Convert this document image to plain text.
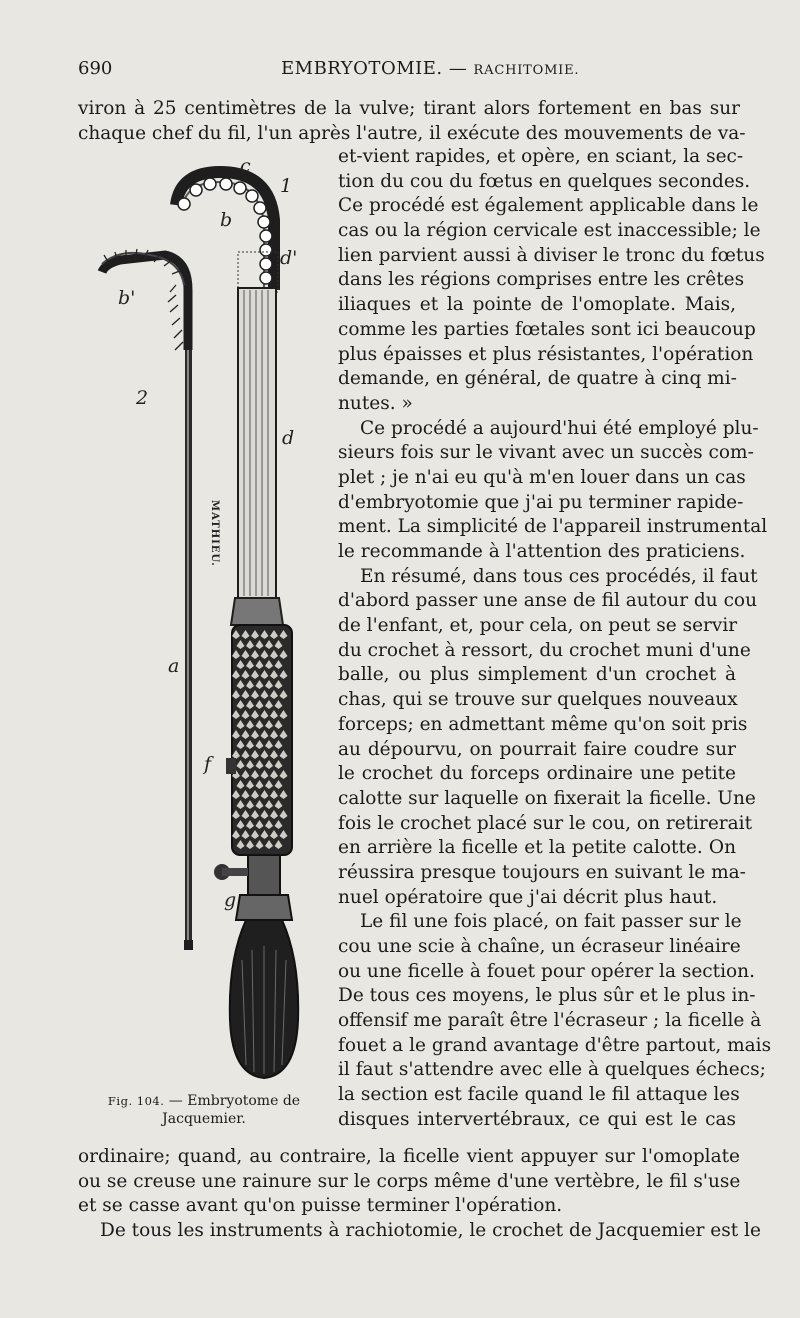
690	EMBRYOTOMIE. — RACHITOMIE.
viron à 25 centimètres de la vulve; tirant alors fortement en bas sur
chaque chef du fil, l'un après l'autre, il exécute des mouvements de va-
et-vient rapides, et opère, en sciant, la sec-
tion du cou du fœtus en quelques secondes.
Ce procédé est également applicable dans le
cas ou la région cervicale est inaccessible; le
lien parvient aussi à diviser le tronc du fœtus
dans les régions comprises entre les crêtes
iliaques et la pointe de l'omoplate. Mais,
comme les parties fœtales sont ici beaucoup
plus épaisses et plus résistantes, l'opération
demande, en général, de quatre à cinq mi-
nutes. »
Ce procédé a aujourd'hui été employé plu-
sieurs fois sur le vivant avec un succès com-
plet ; je n'ai eu qu'à m'en louer dans un cas
d'embryotomie que j'ai pu terminer rapide-
ment. La simplicité de l'appareil instrumental
le recommande à l'attention des praticiens.
En résumé, dans tous ces procédés, il faut
d'abord passer une anse de fil autour du cou
de l'enfant, et, pour cela, on peut se servir
du crochet à ressort, du crochet muni d'une
balle, ou plus simplement d'un crochet à
chas, qui se trouve sur quelques nouveaux
forceps; en admettant même qu'on soit pris
au dépourvu, on pourrait faire coudre sur
le crochet du forceps ordinaire une petite
calotte sur laquelle on fixerait la ficelle. Une
fois le crochet placé sur le cou, on retirerait
en arrière la ficelle et la petite calotte. On
réussira presque toujours en suivant le ma-
nuel opératoire que j'ai décrit plus haut.
Le fil une fois placé, on fait passer sur le
cou une scie à chaîne, un écraseur linéaire
ou une ficelle à fouet pour opérer la section.
De tous ces moyens, le plus sûr et le plus in-
offensif me paraît être l'écraseur ; la ficelle à
fouet a le grand avantage d'être partout, mais
il faut s'attendre avec elle à quelques échecs;
la section est facile quand le fil attaque les
disques intervertébraux, ce qui est le cas
ordinaire; quand, au contraire, la ficelle vient appuyer sur l'omoplate
ou se creuse une rainure sur le corps même d'une vertèbre, le fil s'use
et se casse avant qu'on puisse terminer l'opération.
De tous les instruments à rachiotomie, le crochet de Jacquemier est le
MATHIEU.
c
1
b
d'
b'
2
d
a
f
g
Fig. 104. — Embryotome de
Jacquemier.
